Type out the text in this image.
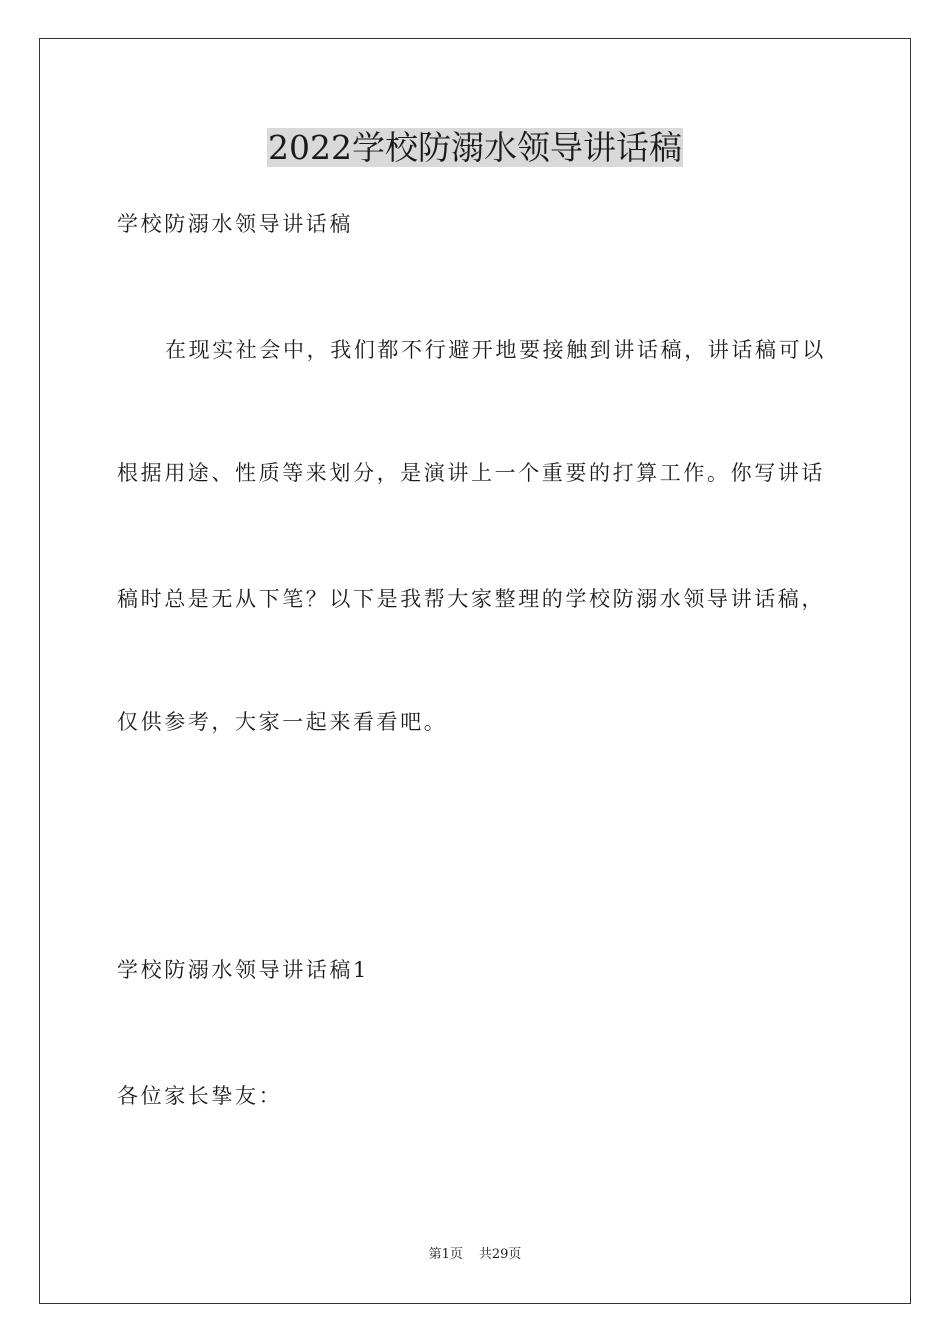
2022学校防溺水领导讲话稿
学校防溺水领导讲话稿
在现实社会中，我们都不行避开地要接触到讲话稿，讲话稿可以
根据用途、性质等来划分，是演讲上一个重要的打算工作。你写讲话
稿时总是无从下笔？以下是我帮大家整理的学校防溺水领导讲话稿，
仅供参考，大家一起来看看吧。
学校防溺水领导讲话稿1
各位家长挚友：
第1页 共29页
